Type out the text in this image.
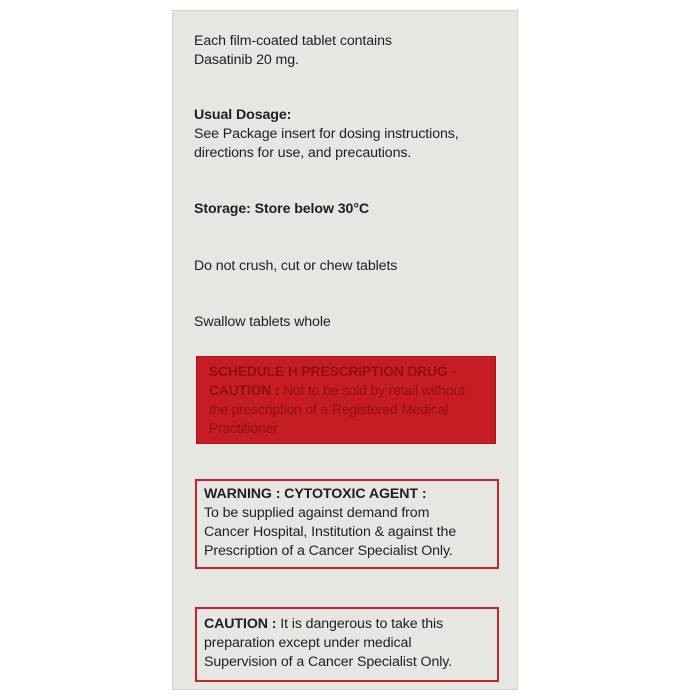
Each film-coated tablet contains
Dasatinib 20 mg.
Usual Dosage:
See Package insert for dosing instructions,
directions for use, and precautions.
Storage: Store below 30°C
Do not crush, cut or chew tablets
Swallow tablets whole
SCHEDULE H PRESCRIPTION DRUG -
CAUTION : Not to be sold by retail without
the prescription of a Registered Medical
Practitioner
WARNING : CYTOTOXIC AGENT :
To be supplied against demand from
Cancer Hospital, Institution & against the
Prescription of a Cancer Specialist Only.
CAUTION : It is dangerous to take this
preparation except under medical
Supervision of a Cancer Specialist Only.
